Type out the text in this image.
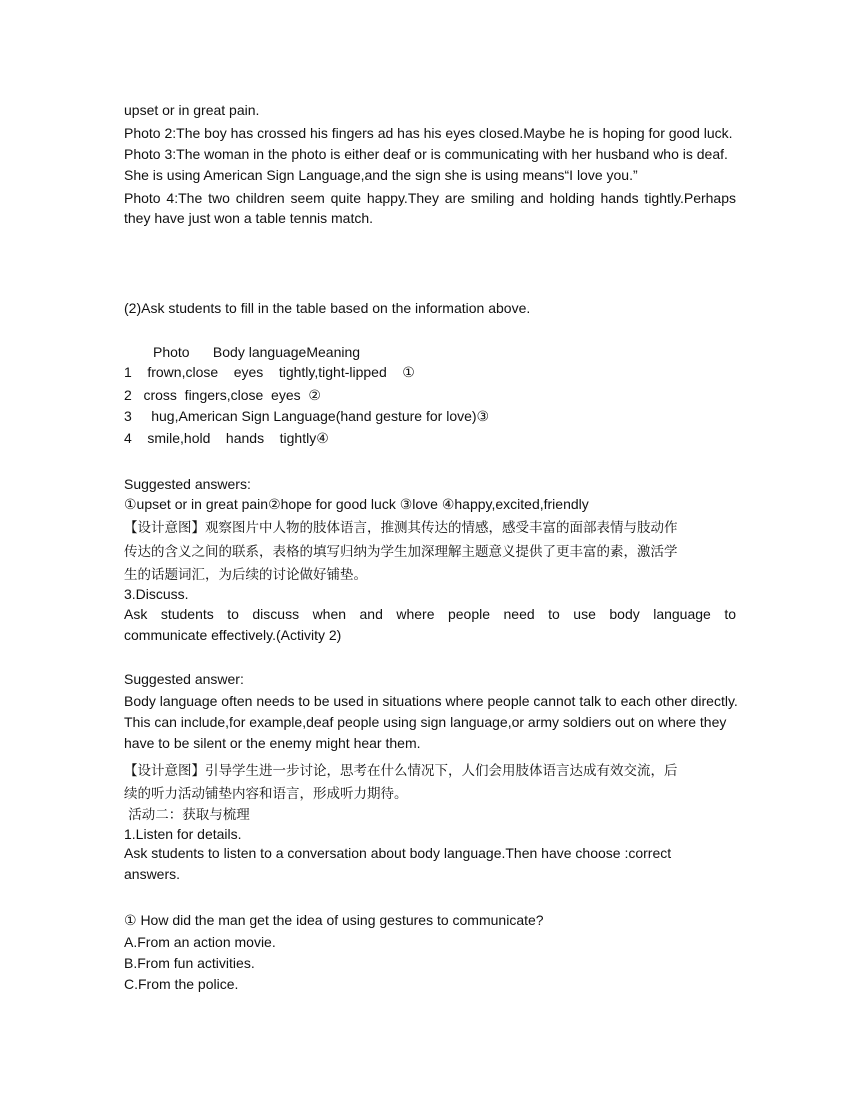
upset or in great pain.
Photo 2:The boy has crossed his fingers ad has his eyes closed.Maybe he is hoping for good luck.
Photo 3:The woman in the photo is either deaf or is communicating with her husband who is deaf.
She is using American Sign Language,and the sign she is using means“I love you.”
Photo 4:The two children seem quite happy.They are smiling and holding hands tightly.Perhaps
they have just won a table tennis match.
(2)Ask students to fill in the table based on the information above.
Photo      Body languageMeaning
1    frown,close    eyes    tightly,tight-lipped    ①
2   cross  fingers,close  eyes  ②
3     hug,American Sign Language(hand gesture for love)③
4    smile,hold    hands    tightly④
Suggested answers:
①upset or in great pain②hope for good luck ③love ④happy,excited,friendly
【设计意图】观察图片中人物的肢体语言，推测其传达的情感，感受丰富的面部表情与肢动作
传达的含义之间的联系，表格的填写归纳为学生加深理解主题意义提供了更丰富的素，激活学
生的话题词汇，为后续的讨论做好铺垫。
3.Discuss.
Ask students to discuss when and where people need to use body language to
communicate effectively.(Activity 2)
Suggested answer:
Body language often needs to be used in situations where people cannot talk to each other directly.
This can include,for example,deaf people using sign language,or army soldiers out on where they
have to be silent or the enemy might hear them.
【设计意图】引导学生进一步讨论，思考在什么情况下，人们会用肢体语言达成有效交流，后
续的听力活动铺垫内容和语言，形成听力期待。
活动二：获取与梳理
1.Listen for details.
Ask students to listen to a conversation about body language.Then have choose :correct
answers.
① How did the man get the idea of using gestures to communicate?
A.From an action movie.
B.From fun activities.
C.From the police.
